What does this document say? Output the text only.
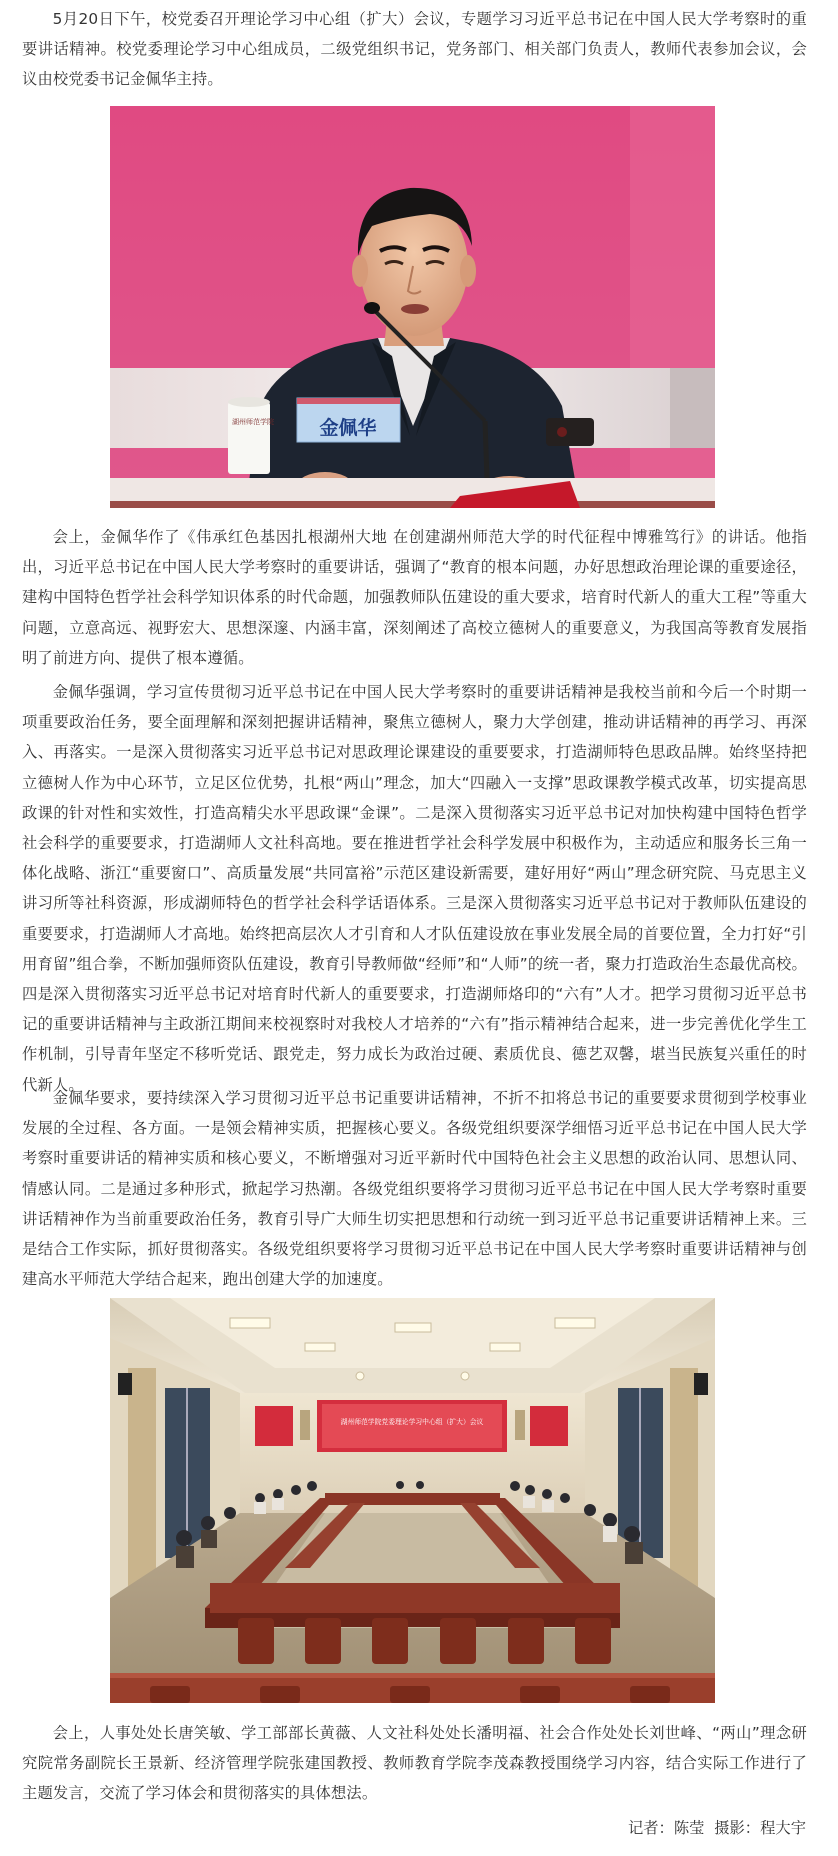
5月20日下午，校党委召开理论学习中心组（扩大）会议，专题学习习近平总书记在中国人民大学考察时的重要讲话精神。校党委理论学习中心组成员，二级党组织书记，党务部门、相关部门负责人，教师代表参加会议，会议由校党委书记金佩华主持。

湖州师范学院 金佩华

会上，金佩华作了《伟承红色基因扎根湖州大地 在创建湖州师范大学的时代征程中博雅笃行》的讲话。他指出，习近平总书记在中国人民大学考察时的重要讲话，强调了“教育的根本问题，办好思想政治理论课的重要途径，建构中国特色哲学社会科学知识体系的时代命题，加强教师队伍建设的重大要求，培育时代新人的重大工程”等重大问题，立意高远、视野宏大、思想深邃、内涵丰富，深刻阐述了高校立德树人的重要意义，为我国高等教育发展指明了前进方向、提供了根本遵循。

金佩华强调，学习宣传贯彻习近平总书记在中国人民大学考察时的重要讲话精神是我校当前和今后一个时期一项重要政治任务，要全面理解和深刻把握讲话精神，聚焦立德树人，聚力大学创建，推动讲话精神的再学习、再深入、再落实。一是深入贯彻落实习近平总书记对思政理论课建设的重要要求，打造湖师特色思政品牌。始终坚持把立德树人作为中心环节，立足区位优势，扎根“两山”理念，加大“四融入一支撑”思政课教学模式改革，切实提高思政课的针对性和实效性，打造高精尖水平思政课“金课”。二是深入贯彻落实习近平总书记对加快构建中国特色哲学社会科学的重要要求，打造湖师人文社科高地。要在推进哲学社会科学发展中积极作为，主动适应和服务长三角一体化战略、浙江“重要窗口”、高质量发展“共同富裕”示范区建设新需要，建好用好“两山”理念研究院、马克思主义讲习所等社科资源，形成湖师特色的哲学社会科学话语体系。三是深入贯彻落实习近平总书记对于教师队伍建设的重要要求，打造湖师人才高地。始终把高层次人才引育和人才队伍建设放在事业发展全局的首要位置，全力打好“引用育留”组合拳，不断加强师资队伍建设，教育引导教师做“经师”和“人师”的统一者，聚力打造政治生态最优高校。四是深入贯彻落实习近平总书记对培育时代新人的重要要求，打造湖师烙印的“六有”人才。把学习贯彻习近平总书记的重要讲话精神与主政浙江期间来校视察时对我校人才培养的“六有”指示精神结合起来，进一步完善优化学生工作机制，引导青年坚定不移听党话、跟党走，努力成长为政治过硬、素质优良、德艺双馨，堪当民族复兴重任的时代新人。

金佩华要求，要持续深入学习贯彻习近平总书记重要讲话精神，不折不扣将总书记的重要要求贯彻到学校事业发展的全过程、各方面。一是领会精神实质，把握核心要义。各级党组织要深学细悟习近平总书记在中国人民大学考察时重要讲话的精神实质和核心要义，不断增强对习近平新时代中国特色社会主义思想的政治认同、思想认同、情感认同。二是通过多种形式，掀起学习热潮。各级党组织要将学习贯彻习近平总书记在中国人民大学考察时重要讲话精神作为当前重要政治任务，教育引导广大师生切实把思想和行动统一到习近平总书记重要讲话精神上来。三是结合工作实际，抓好贯彻落实。各级党组织要将学习贯彻习近平总书记在中国人民大学考察时重要讲话精神与创建高水平师范大学结合起来，跑出创建大学的加速度。

湖州师范学院党委理论学习中心组（扩大）会议

会上，人事处处长唐笑敏、学工部部长黄薇、人文社科处处长潘明福、社会合作处处长刘世峰、“两山”理念研究院常务副院长王景新、经济管理学院张建国教授、教师教育学院李茂森教授围绕学习内容，结合实际工作进行了主题发言，交流了学习体会和贯彻落实的具体想法。

记者：陈莹 摄影：程大宇
